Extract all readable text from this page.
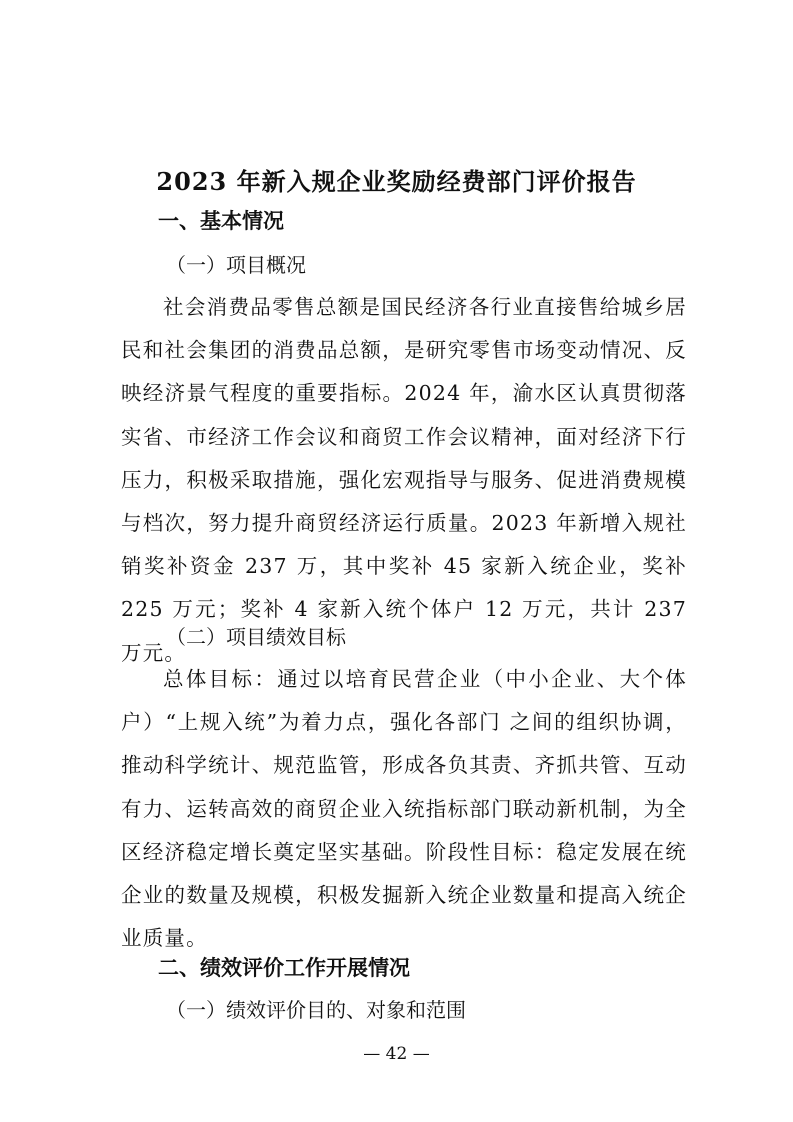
2023 年新入规企业奖励经费部门评价报告
一、基本情况
（一）项目概况

社会消费品零售总额是国民经济各行业直接售给城乡居民和社会集团的消费品总额，是研究零售市场变动情况、反映经济景气程度的重要指标。2024 年，渝水区认真贯彻落实省、市经济工作会议和商贸工作会议精神，面对经济下行压力，积极采取措施，强化宏观指导与服务、促进消费规模与档次，努力提升商贸经济运行质量。2023 年新增入规社销奖补资金 237 万，其中奖补 45 家新入统企业，奖补 225 万元；奖补 4 家新入统个体户 12 万元，共计 237 万元。

（二）项目绩效目标

总体目标：通过以培育民营企业（中小企业、大个体户）“上规入统”为着力点，强化各部门 之间的组织协调，推动科学统计、规范监管，形成各负其责、齐抓共管、互动有力、运转高效的商贸企业入统指标部门联动新机制，为全区经济稳定增长奠定坚实基础。阶段性目标：稳定发展在统企业的数量及规模，积极发掘新入统企业数量和提高入统企业质量。

二、绩效评价工作开展情况
（一）绩效评价目的、对象和范围
— 42 —
